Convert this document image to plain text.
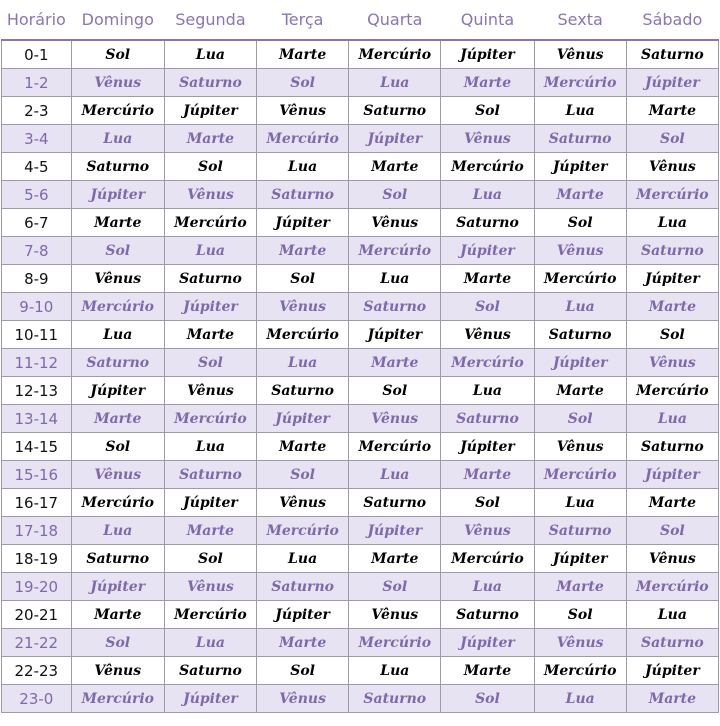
Horário	Domingo	Segunda	Terça	Quarta	Quinta	Sexta	Sábado
0-1	Sol	Lua	Marte	Mercúrio	Júpiter	Vênus	Saturno
1-2	Vênus	Saturno	Sol	Lua	Marte	Mercúrio	Júpiter
2-3	Mercúrio	Júpiter	Vênus	Saturno	Sol	Lua	Marte
3-4	Lua	Marte	Mercúrio	Júpiter	Vênus	Saturno	Sol
4-5	Saturno	Sol	Lua	Marte	Mercúrio	Júpiter	Vênus
5-6	Júpiter	Vênus	Saturno	Sol	Lua	Marte	Mercúrio
6-7	Marte	Mercúrio	Júpiter	Vênus	Saturno	Sol	Lua
7-8	Sol	Lua	Marte	Mercúrio	Júpiter	Vênus	Saturno
8-9	Vênus	Saturno	Sol	Lua	Marte	Mercúrio	Júpiter
9-10	Mercúrio	Júpiter	Vênus	Saturno	Sol	Lua	Marte
10-11	Lua	Marte	Mercúrio	Júpiter	Vênus	Saturno	Sol
11-12	Saturno	Sol	Lua	Marte	Mercúrio	Júpiter	Vênus
12-13	Júpiter	Vênus	Saturno	Sol	Lua	Marte	Mercúrio
13-14	Marte	Mercúrio	Júpiter	Vênus	Saturno	Sol	Lua
14-15	Sol	Lua	Marte	Mercúrio	Júpiter	Vênus	Saturno
15-16	Vênus	Saturno	Sol	Lua	Marte	Mercúrio	Júpiter
16-17	Mercúrio	Júpiter	Vênus	Saturno	Sol	Lua	Marte
17-18	Lua	Marte	Mercúrio	Júpiter	Vênus	Saturno	Sol
18-19	Saturno	Sol	Lua	Marte	Mercúrio	Júpiter	Vênus
19-20	Júpiter	Vênus	Saturno	Sol	Lua	Marte	Mercúrio
20-21	Marte	Mercúrio	Júpiter	Vênus	Saturno	Sol	Lua
21-22	Sol	Lua	Marte	Mercúrio	Júpiter	Vênus	Saturno
22-23	Vênus	Saturno	Sol	Lua	Marte	Mercúrio	Júpiter
23-0	Mercúrio	Júpiter	Vênus	Saturno	Sol	Lua	Marte
